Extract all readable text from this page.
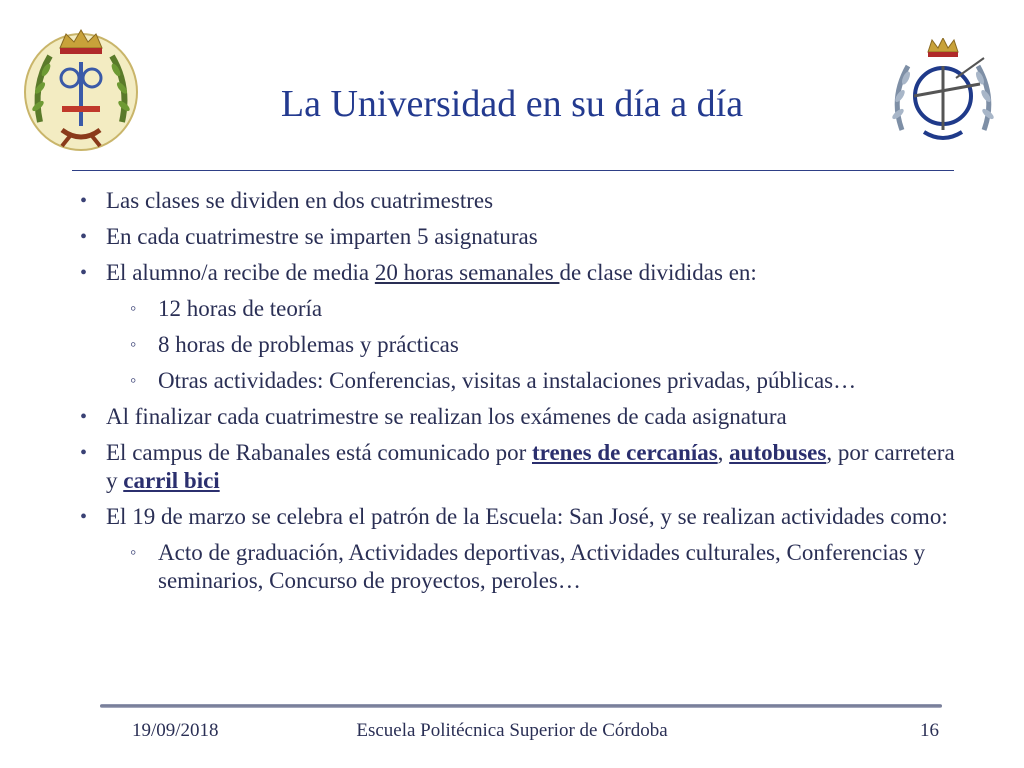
La Universidad en su día a día
• Las clases se dividen en dos cuatrimestres
• En cada cuatrimestre se imparten 5 asignaturas
• El alumno/a recibe de media 20 horas semanales de clase divididas en:
◦ 12 horas de teoría
◦ 8 horas de problemas y prácticas
◦ Otras actividades: Conferencias, visitas a instalaciones privadas, públicas…
• Al finalizar cada cuatrimestre se realizan los exámenes de cada asignatura
• El campus de Rabanales está comunicado por trenes de cercanías, autobuses, por carretera y carril bici
• El 19 de marzo se celebra el patrón de la Escuela: San José, y se realizan actividades como:
◦ Acto de graduación, Actividades deportivas, Actividades culturales, Conferencias y seminarios, Concurso de proyectos, peroles…
Escuela Politécnica Superior de Córdoba
19/09/2018	16
